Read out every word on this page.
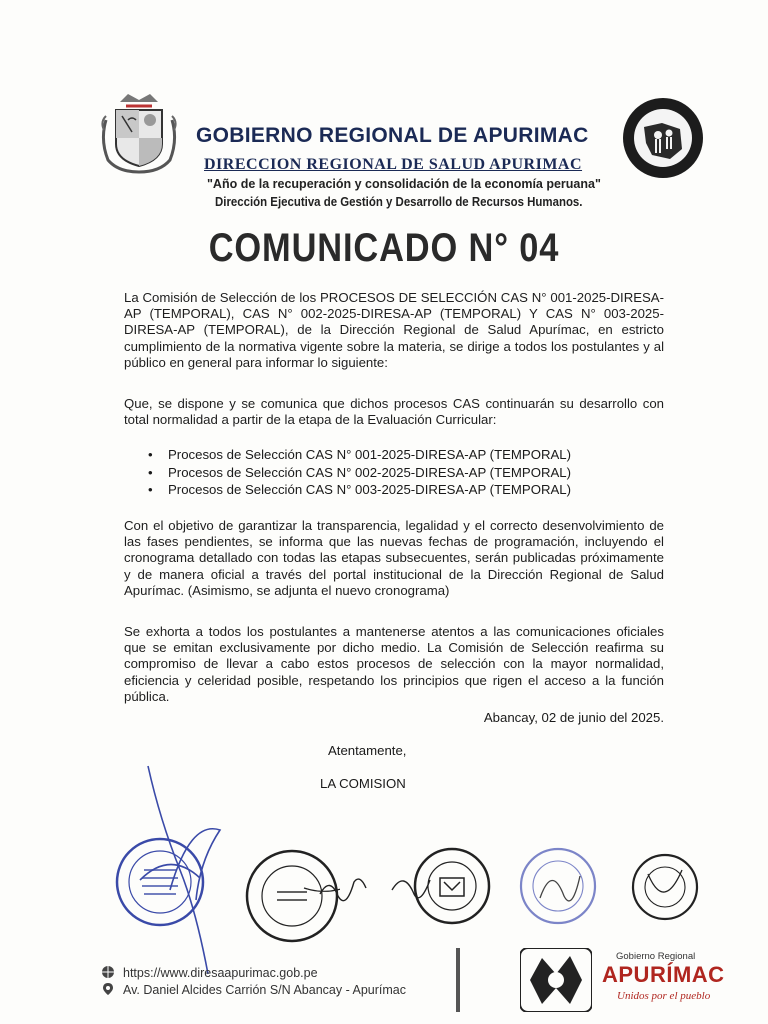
GOBIERNO REGIONAL DE APURIMAC
DIRECCION REGIONAL DE SALUD APURIMAC
"Año de la recuperación y consolidación de la economía peruana"
Dirección Ejecutiva de Gestión y Desarrollo de Recursos Humanos.
COMUNICADO N° 04
La Comisión de Selección de los PROCESOS DE SELECCIÓN CAS N° 001-2025-DIRESA-AP (TEMPORAL), CAS N° 002-2025-DIRESA-AP (TEMPORAL) Y CAS N° 003-2025-DIRESA-AP (TEMPORAL), de la Dirección Regional de Salud Apurímac, en estricto cumplimiento de la normativa vigente sobre la materia, se dirige a todos los postulantes y al público en general para informar lo siguiente:
Que, se dispone y se comunica que dichos procesos CAS continuarán su desarrollo con total normalidad a partir de la etapa de la Evaluación Curricular:
• Procesos de Selección CAS N° 001-2025-DIRESA-AP (TEMPORAL)
• Procesos de Selección CAS N° 002-2025-DIRESA-AP (TEMPORAL)
• Procesos de Selección CAS N° 003-2025-DIRESA-AP (TEMPORAL)
Con el objetivo de garantizar la transparencia, legalidad y el correcto desenvolvimiento de las fases pendientes, se informa que las nuevas fechas de programación, incluyendo el cronograma detallado con todas las etapas subsecuentes, serán publicadas próximamente y de manera oficial a través del portal institucional de la Dirección Regional de Salud Apurímac. (Asimismo, se adjunta el nuevo cronograma)
Se exhorta a todos los postulantes a mantenerse atentos a las comunicaciones oficiales que se emitan exclusivamente por dicho medio. La Comisión de Selección reafirma su compromiso de llevar a cabo estos procesos de selección con la mayor normalidad, eficiencia y celeridad posible, respetando los principios que rigen el acceso a la función pública.
Abancay, 02 de junio del 2025.
Atentamente,
LA COMISION
https://www.diresaapurimac.gob.pe
Av. Daniel Alcides Carrión S/N Abancay - Apurímac
Gobierno Regional
APURÍMAC
Unidos por el pueblo
